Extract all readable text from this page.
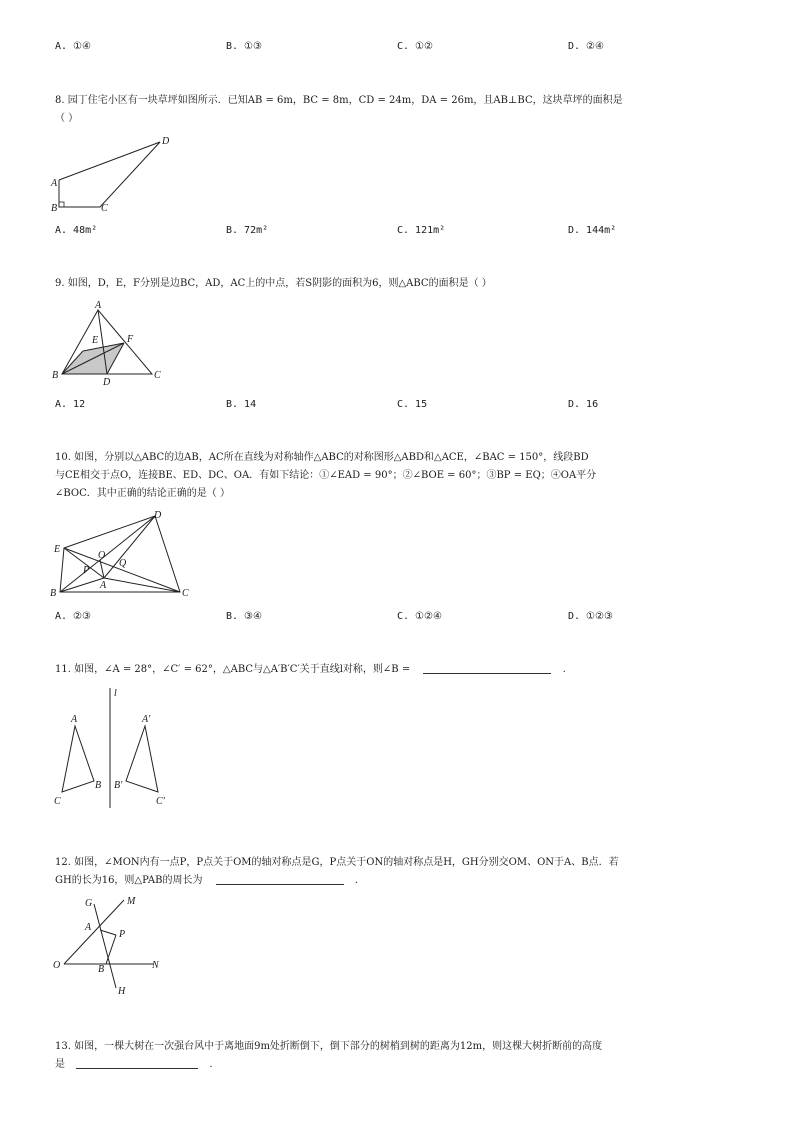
A. ①④	B. ①③	C. ①②	D. ②④
8. 园丁住宅小区有一块草坪如图所示．已知AB = 6m，BC = 8m，CD = 24m，DA = 26m，且AB⊥BC，这块草坪的面积是
（ ）
D
A
B	C
A. 48m²	B. 72m²	C. 121m²	D. 144m²
9. 如图，D，E，F分别是边BC，AD，AC上的中点，若S阴影的面积为6，则△ABC的面积是（ ）
A
E	F
B
D
C
A. 12	B. 14	C. 15	D. 16
10. 如图，分别以△ABC的边AB，AC所在直线为对称轴作△ABC的对称图形△ABD和△ACE，∠BAC = 150°，线段BD
与CE相交于点O，连接BE、ED、DC、OA．有如下结论：①∠EAD = 90°；②∠BOE = 60°；③BP = EQ；④OA平分
∠BOC．其中正确的结论正确的是（ ）
D
E
O
P
Q
A
B	C
A. ②③	B. ③④	C. ①②④	D. ①②③
11. 如图，∠A = 28°，∠C′ = 62°，△ABC与△A′B′C′关于直线l对称，则∠B =	.
l
A	A′
B B′
C	C′
12. 如图，∠MON内有一点P，P点关于OM的轴对称点是G，P点关于ON的轴对称点是H，GH分别交OM、ON于A、B点．若
GH的长为16，则△PAB的周长为	.
G	M
A
P
O	B	N
H
13. 如图，一棵大树在一次强台风中于离地面9m处折断倒下，倒下部分的树梢到树的距离为12m，则这棵大树折断前的高度
是	.
